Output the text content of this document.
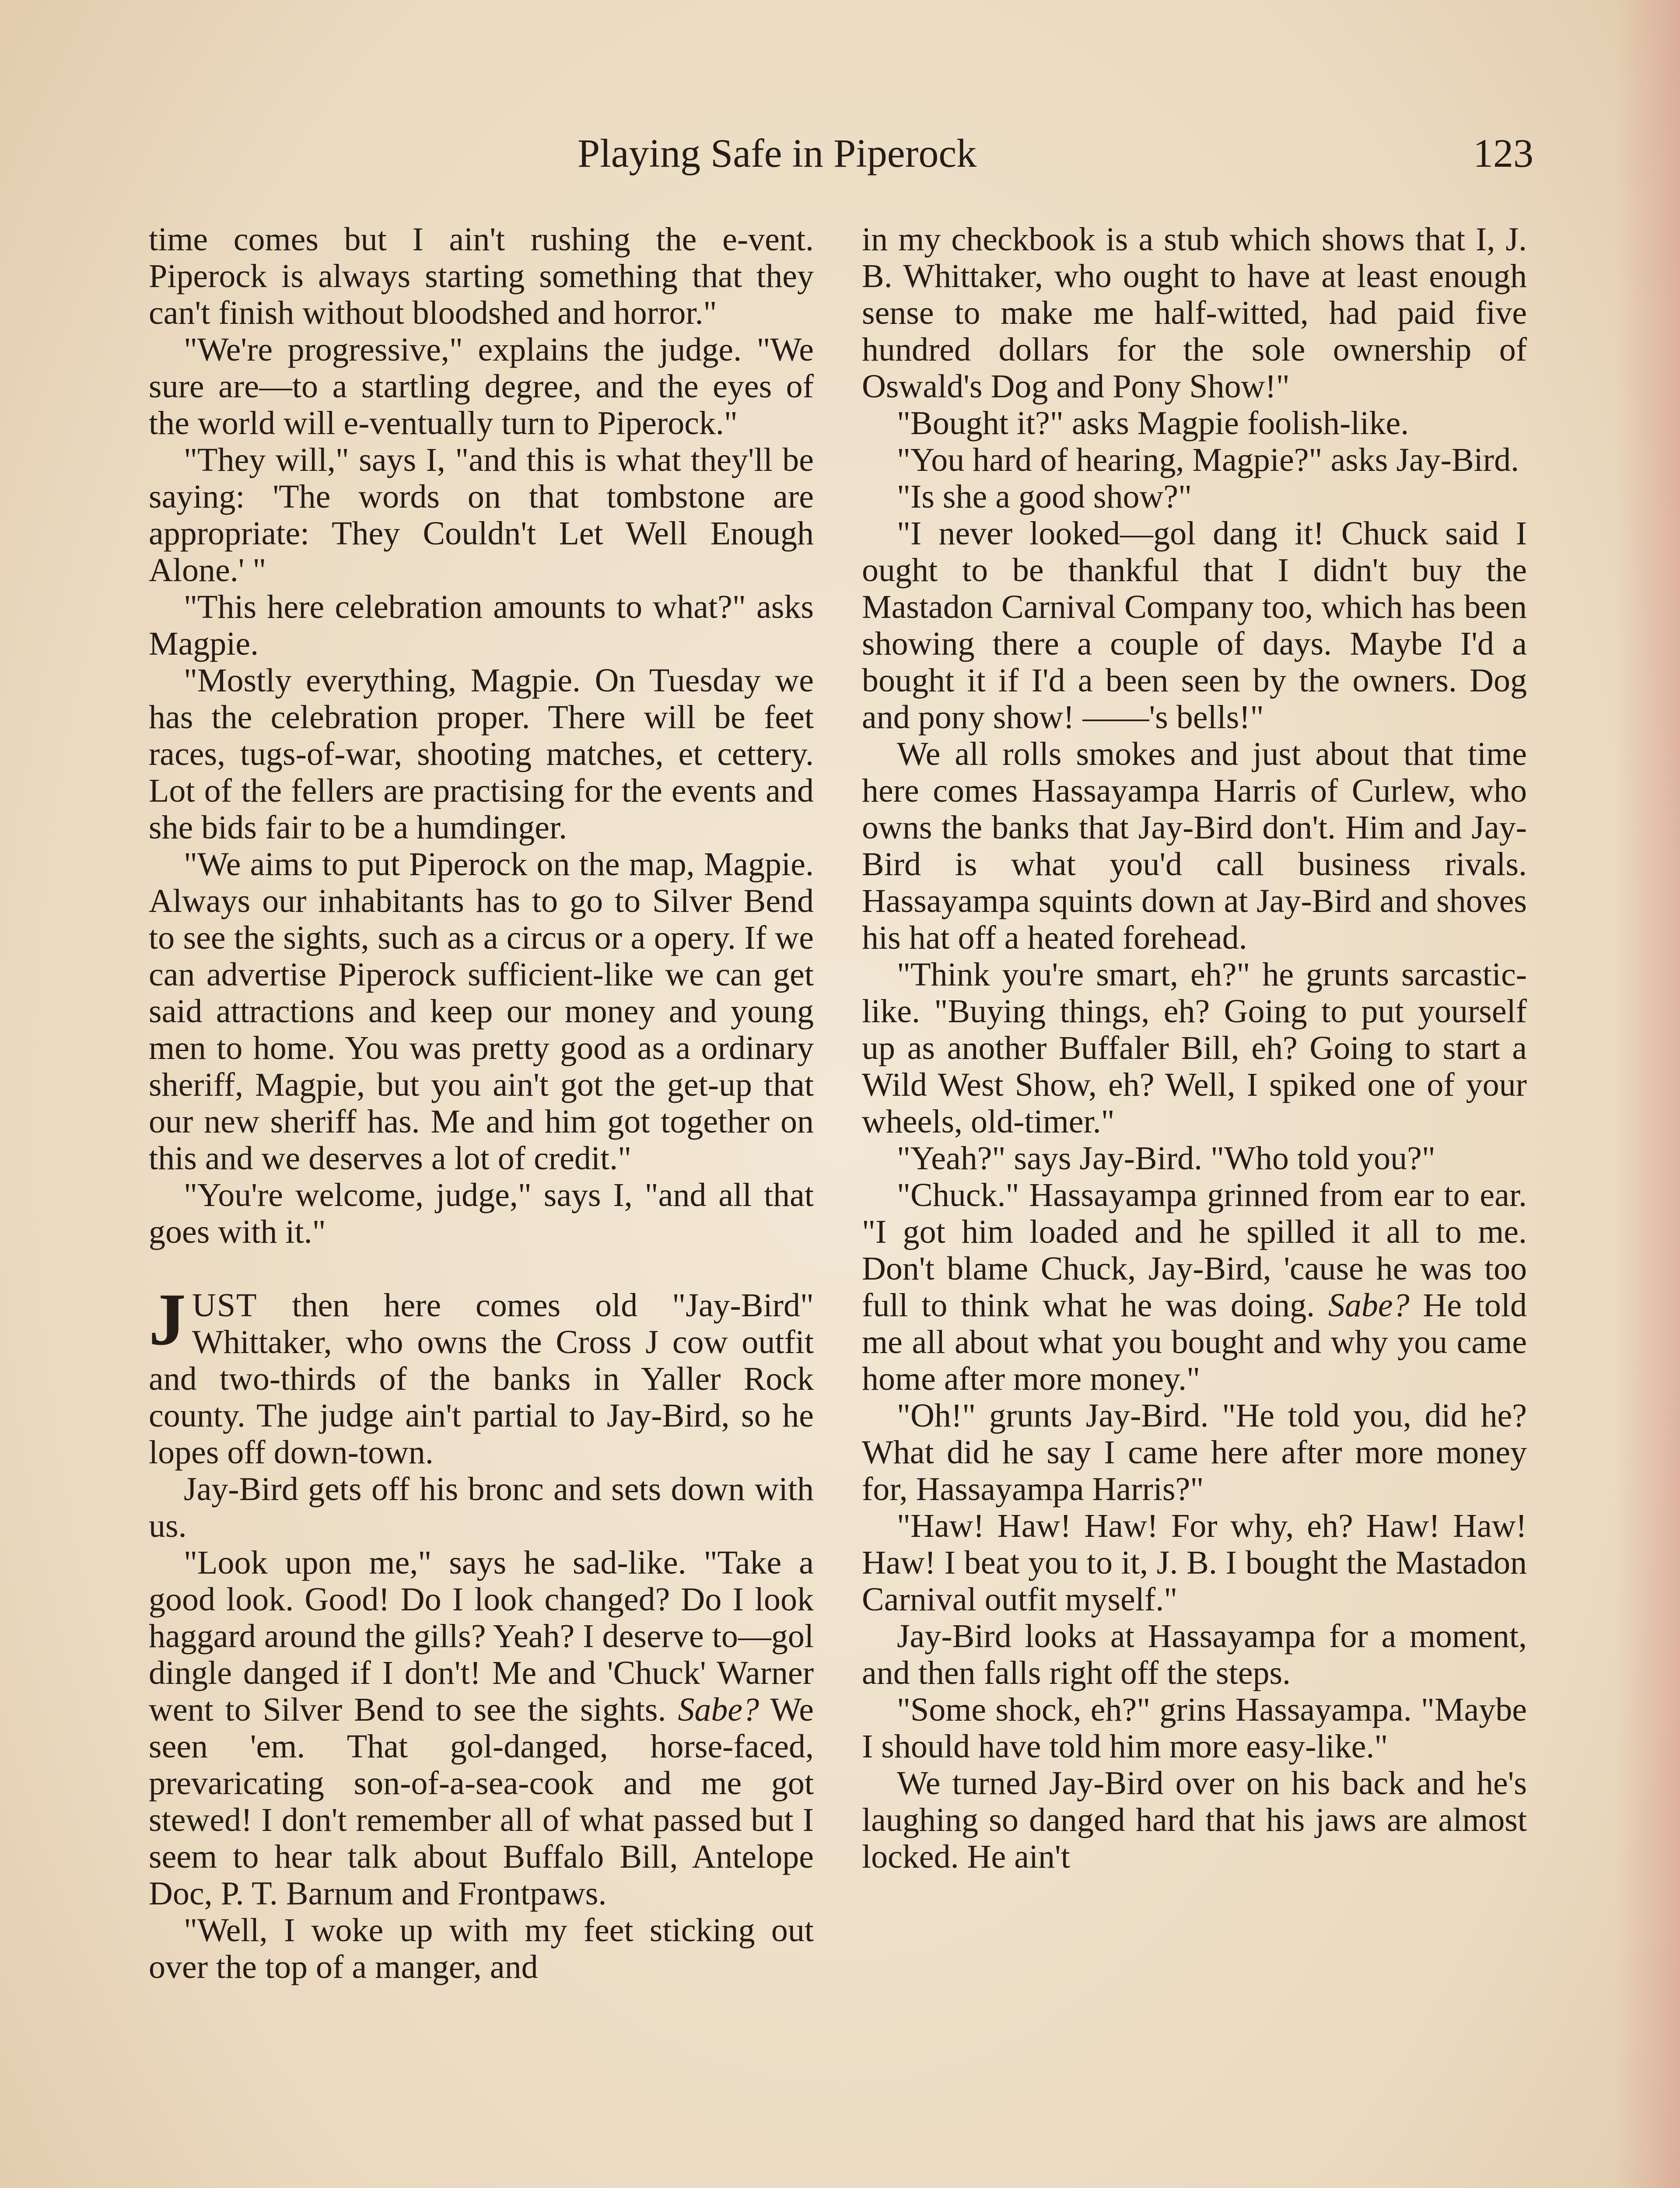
Playing Safe in Piperock	123

time comes but I ain't rushing the e-vent. Piperock is always starting something that they can't finish without bloodshed and horror."

"We're progressive," explains the judge. "We sure are—to a startling degree, and the eyes of the world will e-ventually turn to Piperock."

"They will," says I, "and this is what they'll be saying: 'The words on that tombstone are appropriate: They Couldn't Let Well Enough Alone.' "

"This here celebration amounts to what?" asks Magpie.

"Mostly everything, Magpie. On Tuesday we has the celebration proper. There will be feet races, tugs-of-war, shooting matches, et cettery. Lot of the fellers are practising for the events and she bids fair to be a humdinger.

"We aims to put Piperock on the map, Magpie. Always our inhabitants has to go to Silver Bend to see the sights, such as a circus or a opery. If we can advertise Piperock sufficient-like we can get said attractions and keep our money and young men to home. You was pretty good as a ordinary sheriff, Magpie, but you ain't got the get-up that our new sheriff has. Me and him got together on this and we deserves a lot of credit."

"You're welcome, judge," says I, "and all that goes with it."

JUST then here comes old "Jay-Bird" Whittaker, who owns the Cross J cow outfit and two-thirds of the banks in Yaller Rock county. The judge ain't partial to Jay-Bird, so he lopes off down-town.

Jay-Bird gets off his bronc and sets down with us.

"Look upon me," says he sad-like. "Take a good look. Good! Do I look changed? Do I look haggard around the gills? Yeah? I deserve to—gol dingle danged if I don't! Me and 'Chuck' Warner went to Silver Bend to see the sights. Sabe? We seen 'em. That gol-danged, horse-faced, prevaricating son-of-a-sea-cook and me got stewed! I don't remember all of what passed but I seem to hear talk about Buffalo Bill, Antelope Doc, P. T. Barnum and Frontpaws.

"Well, I woke up with my feet sticking out over the top of a manger, and

in my checkbook is a stub which shows that I, J. B. Whittaker, who ought to have at least enough sense to make me half-witted, had paid five hundred dollars for the sole ownership of Oswald's Dog and Pony Show!"

"Bought it?" asks Magpie foolish-like.

"You hard of hearing, Magpie?" asks Jay-Bird.

"Is she a good show?"

"I never looked—gol dang it! Chuck said I ought to be thankful that I didn't buy the Mastadon Carnival Company too, which has been showing there a couple of days. Maybe I'd a bought it if I'd a been seen by the owners. Dog and pony show! ——'s bells!"

We all rolls smokes and just about that time here comes Hassayampa Harris of Curlew, who owns the banks that Jay-Bird don't. Him and Jay-Bird is what you'd call business rivals. Hassayampa squints down at Jay-Bird and shoves his hat off a heated forehead.

"Think you're smart, eh?" he grunts sarcastic-like. "Buying things, eh? Going to put yourself up as another Buffaler Bill, eh? Going to start a Wild West Show, eh? Well, I spiked one of your wheels, old-timer."

"Yeah?" says Jay-Bird. "Who told you?"

"Chuck." Hassayampa grinned from ear to ear. "I got him loaded and he spilled it all to me. Don't blame Chuck, Jay-Bird, 'cause he was too full to think what he was doing. Sabe? He told me all about what you bought and why you came home after more money."

"Oh!" grunts Jay-Bird. "He told you, did he? What did he say I came here after more money for, Hassayampa Harris?"

"Haw! Haw! Haw! For why, eh? Haw! Haw! Haw! I beat you to it, J. B. I bought the Mastadon Carnival outfit myself."

Jay-Bird looks at Hassayampa for a moment, and then falls right off the steps.

"Some shock, eh?" grins Hassayampa. "Maybe I should have told him more easy-like."

We turned Jay-Bird over on his back and he's laughing so danged hard that his jaws are almost locked. He ain't
